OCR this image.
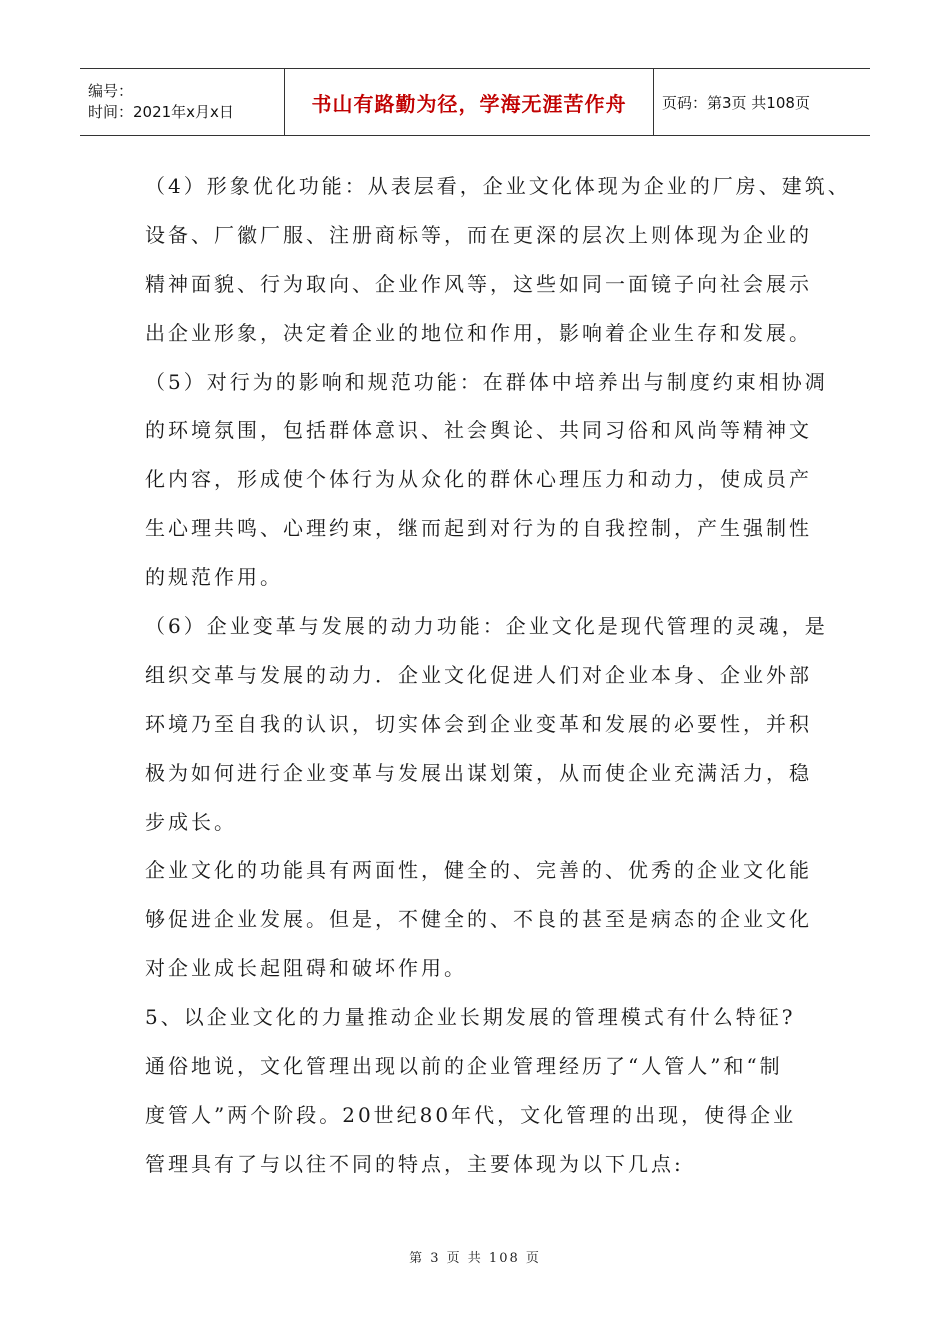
编号：
时间：2021年x月x日	书山有路勤为径，学海无涯苦作舟 页码：第3页 共108页

（4）形象优化功能：从表层看，企业文化体现为企业的厂房、建筑、

设备、厂徽厂服、注册商标等，而在更深的层次上则体现为企业的

精神面貌、行为取向、企业作风等，这些如同一面镜子向社会展示

出企业形象，决定着企业的地位和作用，影响着企业生存和发展。

（5）对行为的影响和规范功能：在群体中培养出与制度约束相协凋

的环境氛围，包括群体意识、社会舆论、共同习俗和风尚等精神文

化内容，形成使个体行为从众化的群休心理压力和动力，使成员产

生心理共鸣、心理约束，继而起到对行为的自我控制，产生强制性

的规范作用。

（6）企业变革与发展的动力功能：企业文化是现代管理的灵魂，是

组织交革与发展的动力．企业文化促进人们对企业本身、企业外部

环境乃至自我的认识，切实体会到企业变革和发展的必要性，并积

极为如何进行企业变革与发展出谋划策，从而使企业充满活力，稳

步成长。

企业文化的功能具有两面性，健全的、完善的、优秀的企业文化能

够促进企业发展。但是，不健全的、不良的甚至是病态的企业文化

对企业成长起阻碍和破坏作用。

5、以企业文化的力量推动企业长期发展的管理模式有什么特征?

通俗地说，文化管理出现以前的企业管理经历了“人管人”和“制

度管人”两个阶段。20世纪80年代，文化管理的出现，使得企业

管理具有了与以往不同的特点，主要体现为以下几点:

第 3 页 共 108 页
